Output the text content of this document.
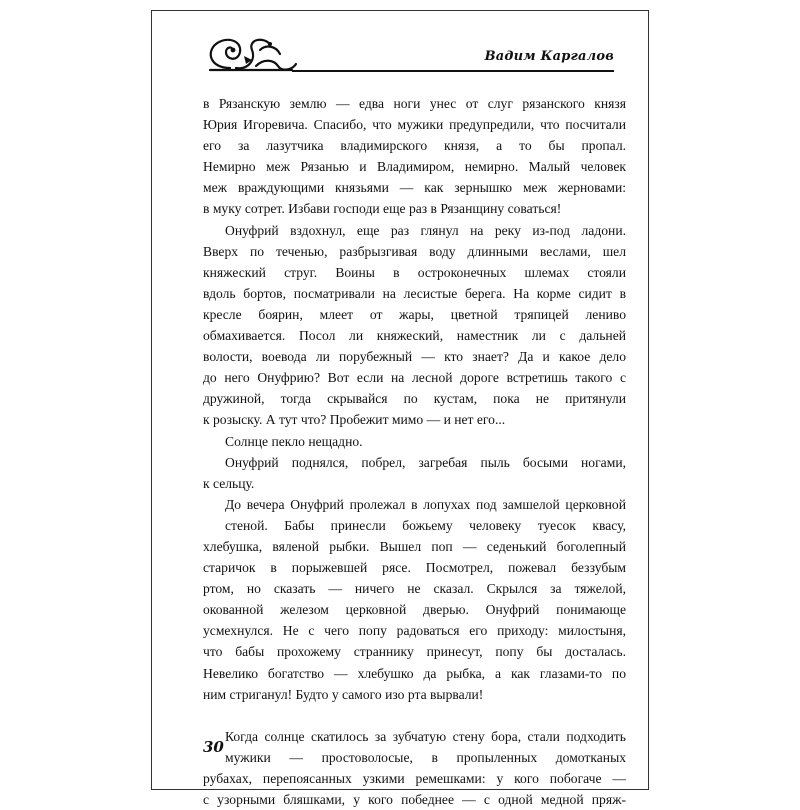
Вадим Каргалов
в Рязанскую землю — едва ноги унес от слуг рязанского князя
Юрия Игоревича. Спасибо, что мужики предупредили, что посчитали его за лазутчика владимирского князя, а то бы пропал.
Немирно меж Рязанью и Владимиром, немирно. Малый человек
меж враждующими князьями — как зернышко меж жерновами:
в муку сотрет. Избави господи еще раз в Рязанщину соваться!
Онуфрий вздохнул, еще раз глянул на реку из-под ладони.
Вверх по теченью, разбрызгивая воду длинными веслами, шел
княжеский струг. Воины в остроконечных шлемах стояли
вдоль бортов, посматривали на лесистые берега. На корме сидит в кресле боярин, млеет от жары, цветной тряпицей лениво
обмахивается. Посол ли княжеский, наместник ли с дальней
волости, воевода ли порубежный — кто знает? Да и какое дело
до него Онуфрию? Вот если на лесной дороге встретишь такого с дружиной, тогда скрывайся по кустам, пока не притянули
к розыску. А тут что? Пробежит мимо — и нет его...
Солнце пекло нещадно.
Онуфрий поднялся, побрел, загребая пыль босыми ногами,
к сельцу.
До вечера Онуфрий пролежал в лопухах под замшелой церковной стеной. Бабы принесли божьему человеку туесок квасу,
хлебушка, вяленой рыбки. Вышел поп — седенький боголепный
старичок в порыжевшей рясе. Посмотрел, пожевал беззубым
ртом, но сказать — ничего не сказал. Скрылся за тяжелой,
окованной железом церковной дверью. Онуфрий понимающе
усмехнулся. Не с чего попу радоваться его приходу: милостыня,
что бабы прохожему страннику принесут, попу бы досталась.
Невелико богатство — хлебушко да рыбка, а как глазами-то по
ним стриганул! Будто у самого изо рта вырвали!
Когда солнце скатилось за зубчатую стену бора, стали подходить мужики — простоволосые, в пропыленных домотканых
рубахах, перепоясанных узкими ремешками: у кого побогаче —
с узорными бляшками, у кого победнее — с одной медной пряж-
30
